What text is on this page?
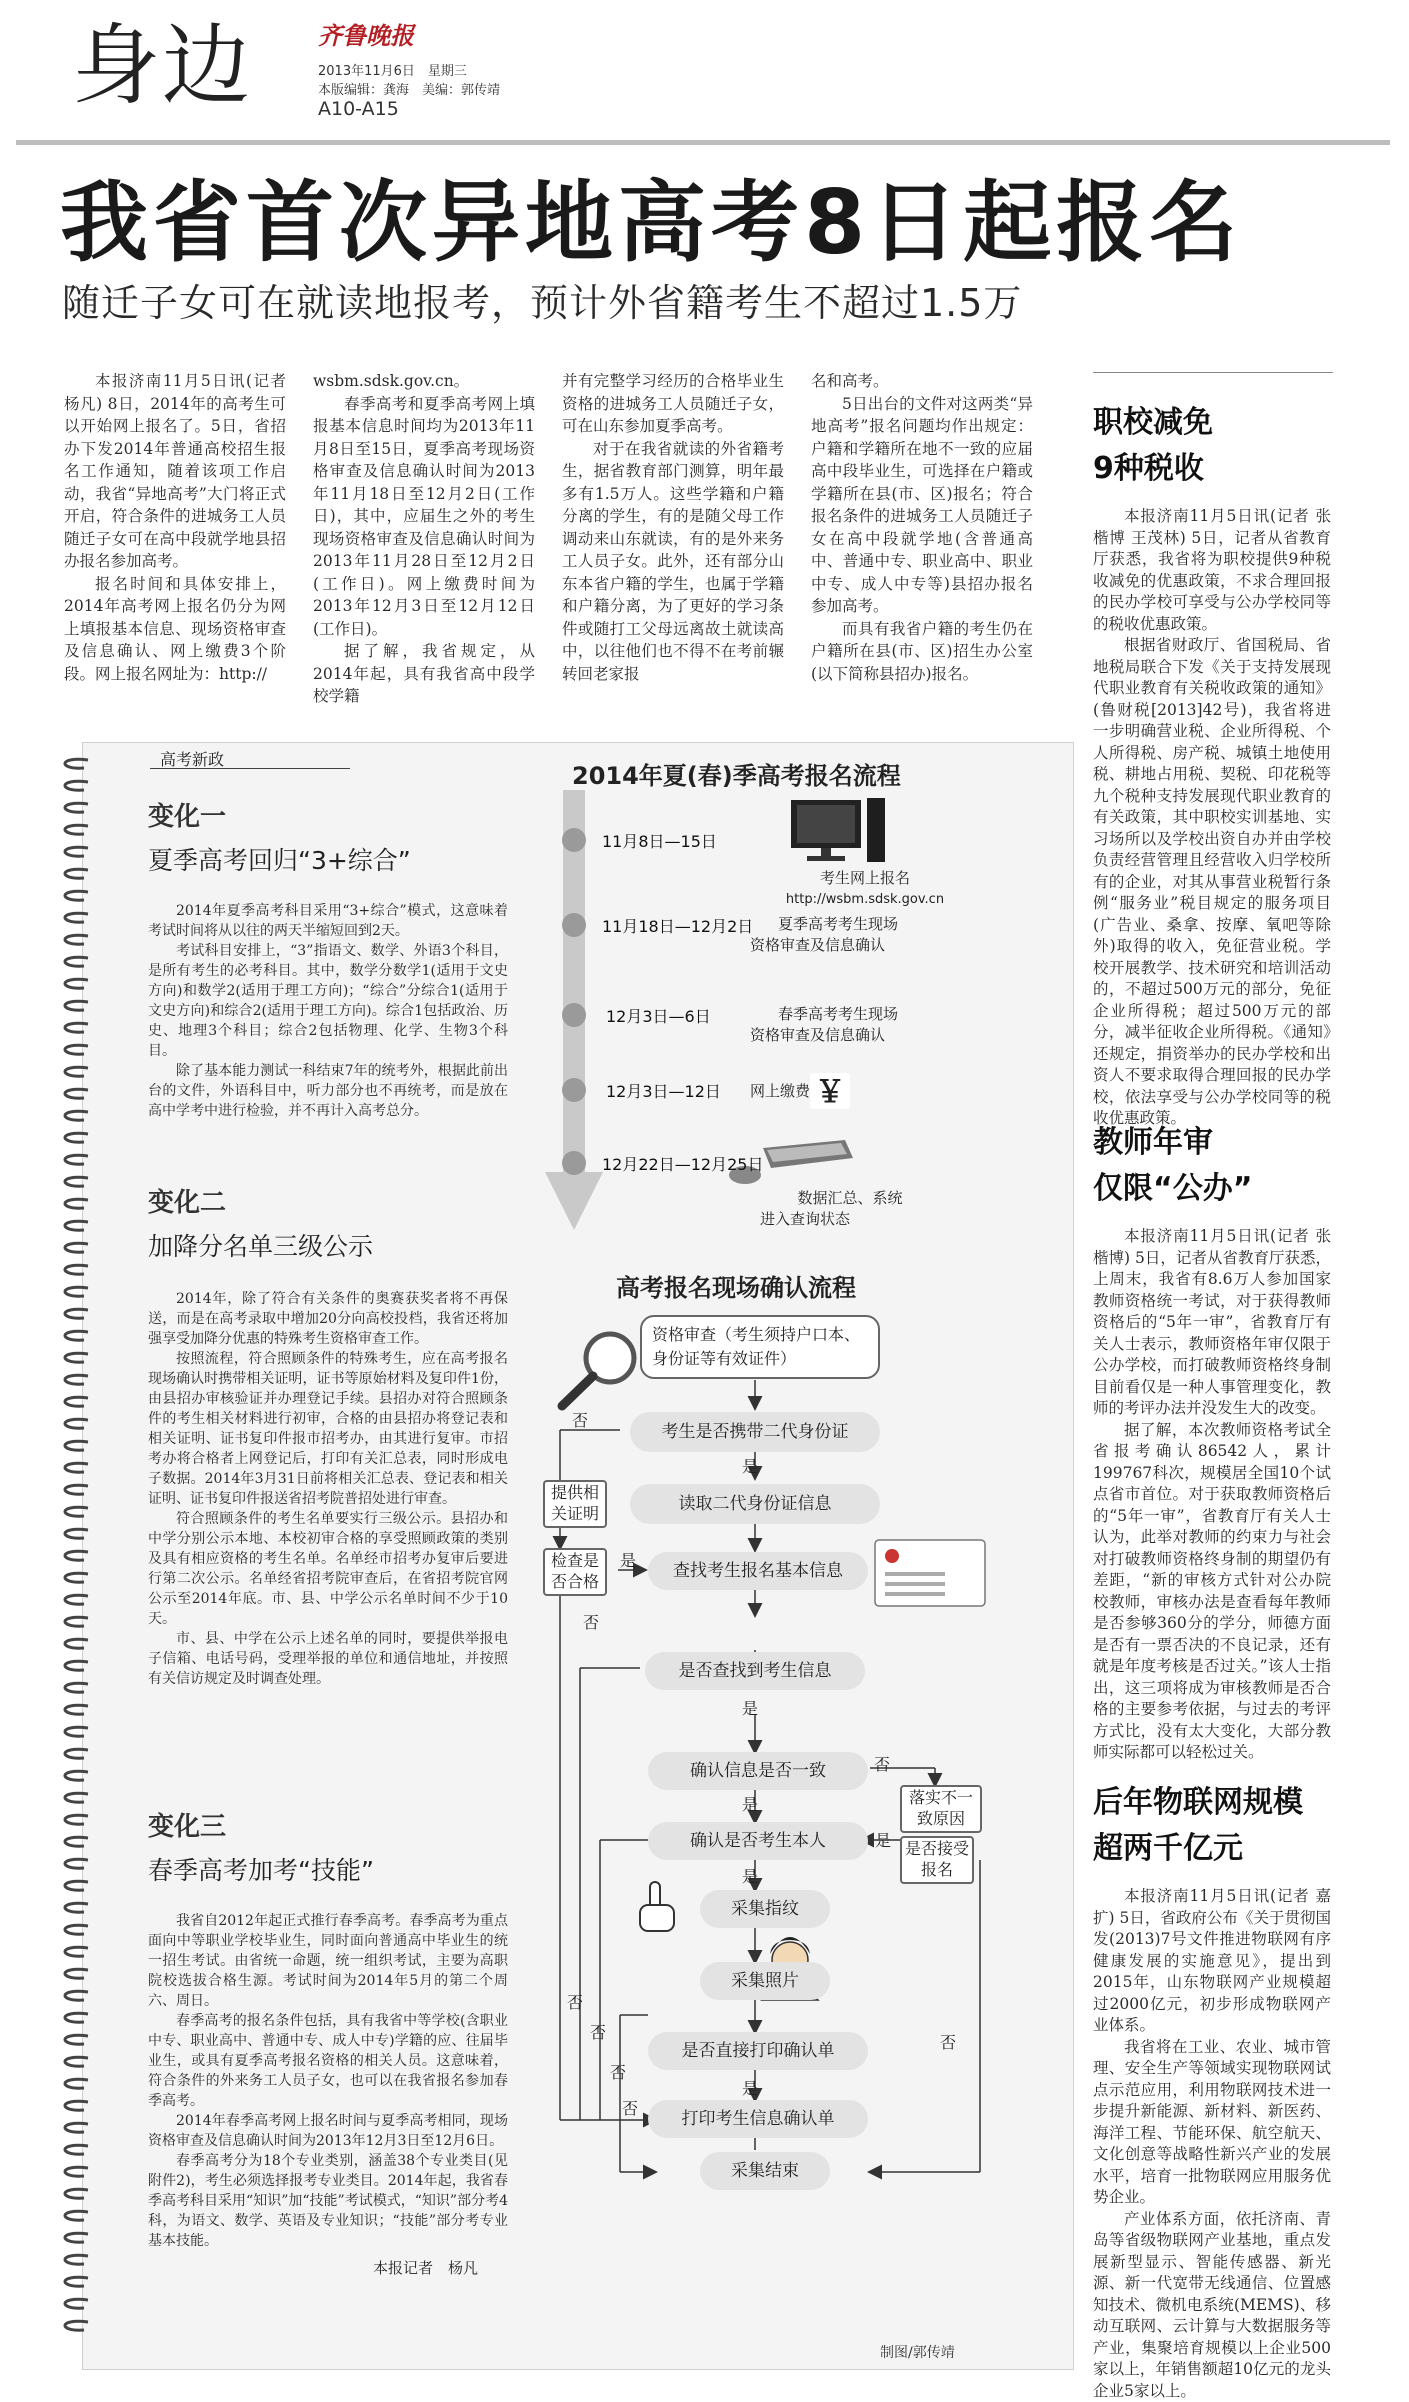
身边	齐鲁晚报
2013年11月6日　星期三
本版编辑：龚海　美编：郭传靖
A10-A15
我省首次异地高考8日起报名
随迁子女可在就读地报考，预计外省籍考生不超过1.5万

本报济南11月5日讯(记者 杨凡) 8日，2014年的高考生可以开始网上报名了。5日，省招办下发2014年普通高校招生报名工作通知，随着该项工作启动，我省“异地高考”大门将正式开启，符合条件的进城务工人员随迁子女可在高中段就学地县招办报名参加高考。

报名时间和具体安排上，2014年高考网上报名仍分为网上填报基本信息、现场资格审查及信息确认、网上缴费3个阶段。网上报名网址为：http://

wsbm.sdsk.gov.cn。

春季高考和夏季高考网上填报基本信息时间均为2013年11月8日至15日，夏季高考现场资格审查及信息确认时间为2013年11月18日至12月2日(工作日)，其中，应届生之外的考生现场资格审查及信息确认时间为2013年11月28日至12月2日(工作日)。网上缴费时间为2013年12月3日至12月12日(工作日)。

据了解，我省规定，从2014年起，具有我省高中段学校学籍

并有完整学习经历的合格毕业生资格的进城务工人员随迁子女，可在山东参加夏季高考。

对于在我省就读的外省籍考生，据省教育部门测算，明年最多有1.5万人。这些学籍和户籍分离的学生，有的是随父母工作调动来山东就读，有的是外来务工人员子女。此外，还有部分山东本省户籍的学生，也属于学籍和户籍分离，为了更好的学习条件或随打工父母远离故土就读高中，以往他们也不得不在考前辗转回老家报

名和高考。

5日出台的文件对这两类“异地高考”报名问题均作出规定：户籍和学籍所在地不一致的应届高中段毕业生，可选择在户籍或学籍所在县(市、区)报名；符合报名条件的进城务工人员随迁子女在高中段就学地(含普通高中、普通中专、职业高中、职业中专、成人中专等)县招办报名参加高考。

而具有我省户籍的考生仍在户籍所在县(市、区)招生办公室(以下简称县招办)报名。

职校减免
9种税收

本报济南11月5日讯(记者 张楷博 王茂林) 5日，记者从省教育厅获悉，我省将为职校提供9种税收减免的优惠政策，不求合理回报的民办学校可享受与公办学校同等的税收优惠政策。

根据省财政厅、省国税局、省地税局联合下发《关于支持发展现代职业教育有关税收政策的通知》(鲁财税[2013]42号)，我省将进一步明确营业税、企业所得税、个人所得税、房产税、城镇土地使用税、耕地占用税、契税、印花税等九个税种支持发展现代职业教育的有关政策，其中职校实训基地、实习场所以及学校出资自办并由学校负责经营管理且经营收入归学校所有的企业，对其从事营业税暂行条例“服务业”税目规定的服务项目(广告业、桑拿、按摩、氧吧等除外)取得的收入，免征营业税。学校开展教学、技术研究和培训活动的，不超过500万元的部分，免征企业所得税；超过500万元的部分，减半征收企业所得税。《通知》还规定，捐资举办的民办学校和出资人不要求取得合理回报的民办学校，依法享受与公办学校同等的税收优惠政策。

教师年审
仅限“公办”

本报济南11月5日讯(记者 张楷博) 5日，记者从省教育厅获悉，上周末，我省有8.6万人参加国家教师资格统一考试，对于获得教师资格后的“5年一审”，省教育厅有关人士表示，教师资格年审仅限于公办学校，而打破教师资格终身制目前看仅是一种人事管理变化，教师的考评办法并没发生大的改变。

据了解，本次教师资格考试全省报考确认86542人，累计199767科次，规模居全国10个试点省市首位。对于获取教师资格后的“5年一审”，省教育厅有关人士认为，此举对教师的约束力与社会对打破教师资格终身制的期望仍有差距，“新的审核方式针对公办院校教师，审核办法是查看每年教师是否参够360分的学分，师德方面是否有一票否决的不良记录，还有就是年度考核是否过关。”该人士指出，这三项将成为审核教师是否合格的主要参考依据，与过去的考评方式比，没有太大变化，大部分教师实际都可以轻松过关。

后年物联网规模
超两千亿元

本报济南11月5日讯(记者 嘉扩) 5日，省政府公布《关于贯彻国发(2013)7号文件推进物联网有序健康发展的实施意见》，提出到2015年，山东物联网产业规模超过2000亿元，初步形成物联网产业体系。

我省将在工业、农业、城市管理、安全生产等领域实现物联网试点示范应用，利用物联网技术进一步提升新能源、新材料、新医药、海洋工程、节能环保、航空航天、文化创意等战略性新兴产业的发展水平，培育一批物联网应用服务优势企业。

产业体系方面，依托济南、青岛等省级物联网产业基地，重点发展新型显示、智能传感器、新光源、新一代宽带无线通信、位置感知技术、微机电系统(MEMS)、移动互联网、云计算与大数据服务等产业，集聚培育规模以上企业500家以上，年销售额超10亿元的龙头企业5家以上。

高考新政
变化一
夏季高考回归“3+综合”

2014年夏季高考科目采用“3+综合”模式，这意味着考试时间将从以往的两天半缩短回到2天。

考试科目安排上，“3”指语文、数学、外语3个科目，是所有考生的必考科目。其中，数学分数学1(适用于文史方向)和数学2(适用于理工方向)；“综合”分综合1(适用于文史方向)和综合2(适用于理工方向)。综合1包括政治、历史、地理3个科目；综合2包括物理、化学、生物3个科目。

除了基本能力测试一科结束7年的统考外，根据此前出台的文件，外语科目中，听力部分也不再统考，而是放在高中学考中进行检验，并不再计入高考总分。

变化二
加降分名单三级公示

2014年，除了符合有关条件的奥赛获奖者将不再保送，而是在高考录取中增加20分向高校投档，我省还将加强享受加降分优惠的特殊考生资格审查工作。

按照流程，符合照顾条件的特殊考生，应在高考报名现场确认时携带相关证明，证书等原始材料及复印件1份，由县招办审核验证并办理登记手续。县招办对符合照顾条件的考生相关材料进行初审，合格的由县招办将登记表和相关证明、证书复印件报市招考办，由其进行复审。市招考办将合格者上网登记后，打印有关汇总表，同时形成电子数据。2014年3月31日前将相关汇总表、登记表和相关证明、证书复印件报送省招考院普招处进行审查。

符合照顾条件的考生名单要实行三级公示。县招办和中学分别公示本地、本校初审合格的享受照顾政策的类别及具有相应资格的考生名单。名单经市招考办复审后要进行第二次公示。名单经省招考院审查后，在省招考院官网公示至2014年底。市、县、中学公示名单时间不少于10天。

市、县、中学在公示上述名单的同时，要提供举报电子信箱、电话号码，受理举报的单位和通信地址，并按照有关信访规定及时调查处理。

变化三
春季高考加考“技能”

我省自2012年起正式推行春季高考。春季高考为重点面向中等职业学校毕业生，同时面向普通高中毕业生的统一招生考试。由省统一命题，统一组织考试，主要为高职院校选拔合格生源。考试时间为2014年5月的第二个周六、周日。

春季高考的报名条件包括，具有我省中等学校(含职业中专、职业高中、普通中专、成人中专)学籍的应、往届毕业生，或具有夏季高考报名资格的相关人员。这意味着，符合条件的外来务工人员子女，也可以在我省报名参加春季高考。

2014年春季高考网上报名时间与夏季高考相同，现场资格审查及信息确认时间为2013年12月3日至12月6日。

春季高考分为18个专业类别，涵盖38个专业类目(见附件2)，考生必须选择报考专业类目。2014年起，我省春季高考科目采用“知识”加“技能”考试模式，“知识”部分考4科，为语文、数学、英语及专业知识；“技能”部分考专业基本技能。

本报记者　杨凡
2014年夏(春)季高考报名流程
￥
11月8日—15日
考生网上报名
http://wsbm.sdsk.gov.cn
11月18日—12月2日	夏季高考考生现场
资格审查及信息确认
12月3日—6日	春季高考考生现场
资格审查及信息确认
12月3日—12日 网上缴费
12月22日—12月25日
数据汇总、系统
进入查询状态
高考报名现场确认流程
资格审查（考生须持户口本、身份证等有效证件）
考生是否携带二代身份证
读取二代身份证信息
查找考生报名基本信息
是否查找到考生信息
确认信息是否一致
确认是否考生本人
采集指纹
采集照片
是否直接打印确认单
打印考生信息确认单
采集结束
提供相关证明
检查是否合格
落实不一致原因
是否接受报名
否
是
是
否
是
否
是
是
是
否
否
否
否
否
是
制图/郭传靖
